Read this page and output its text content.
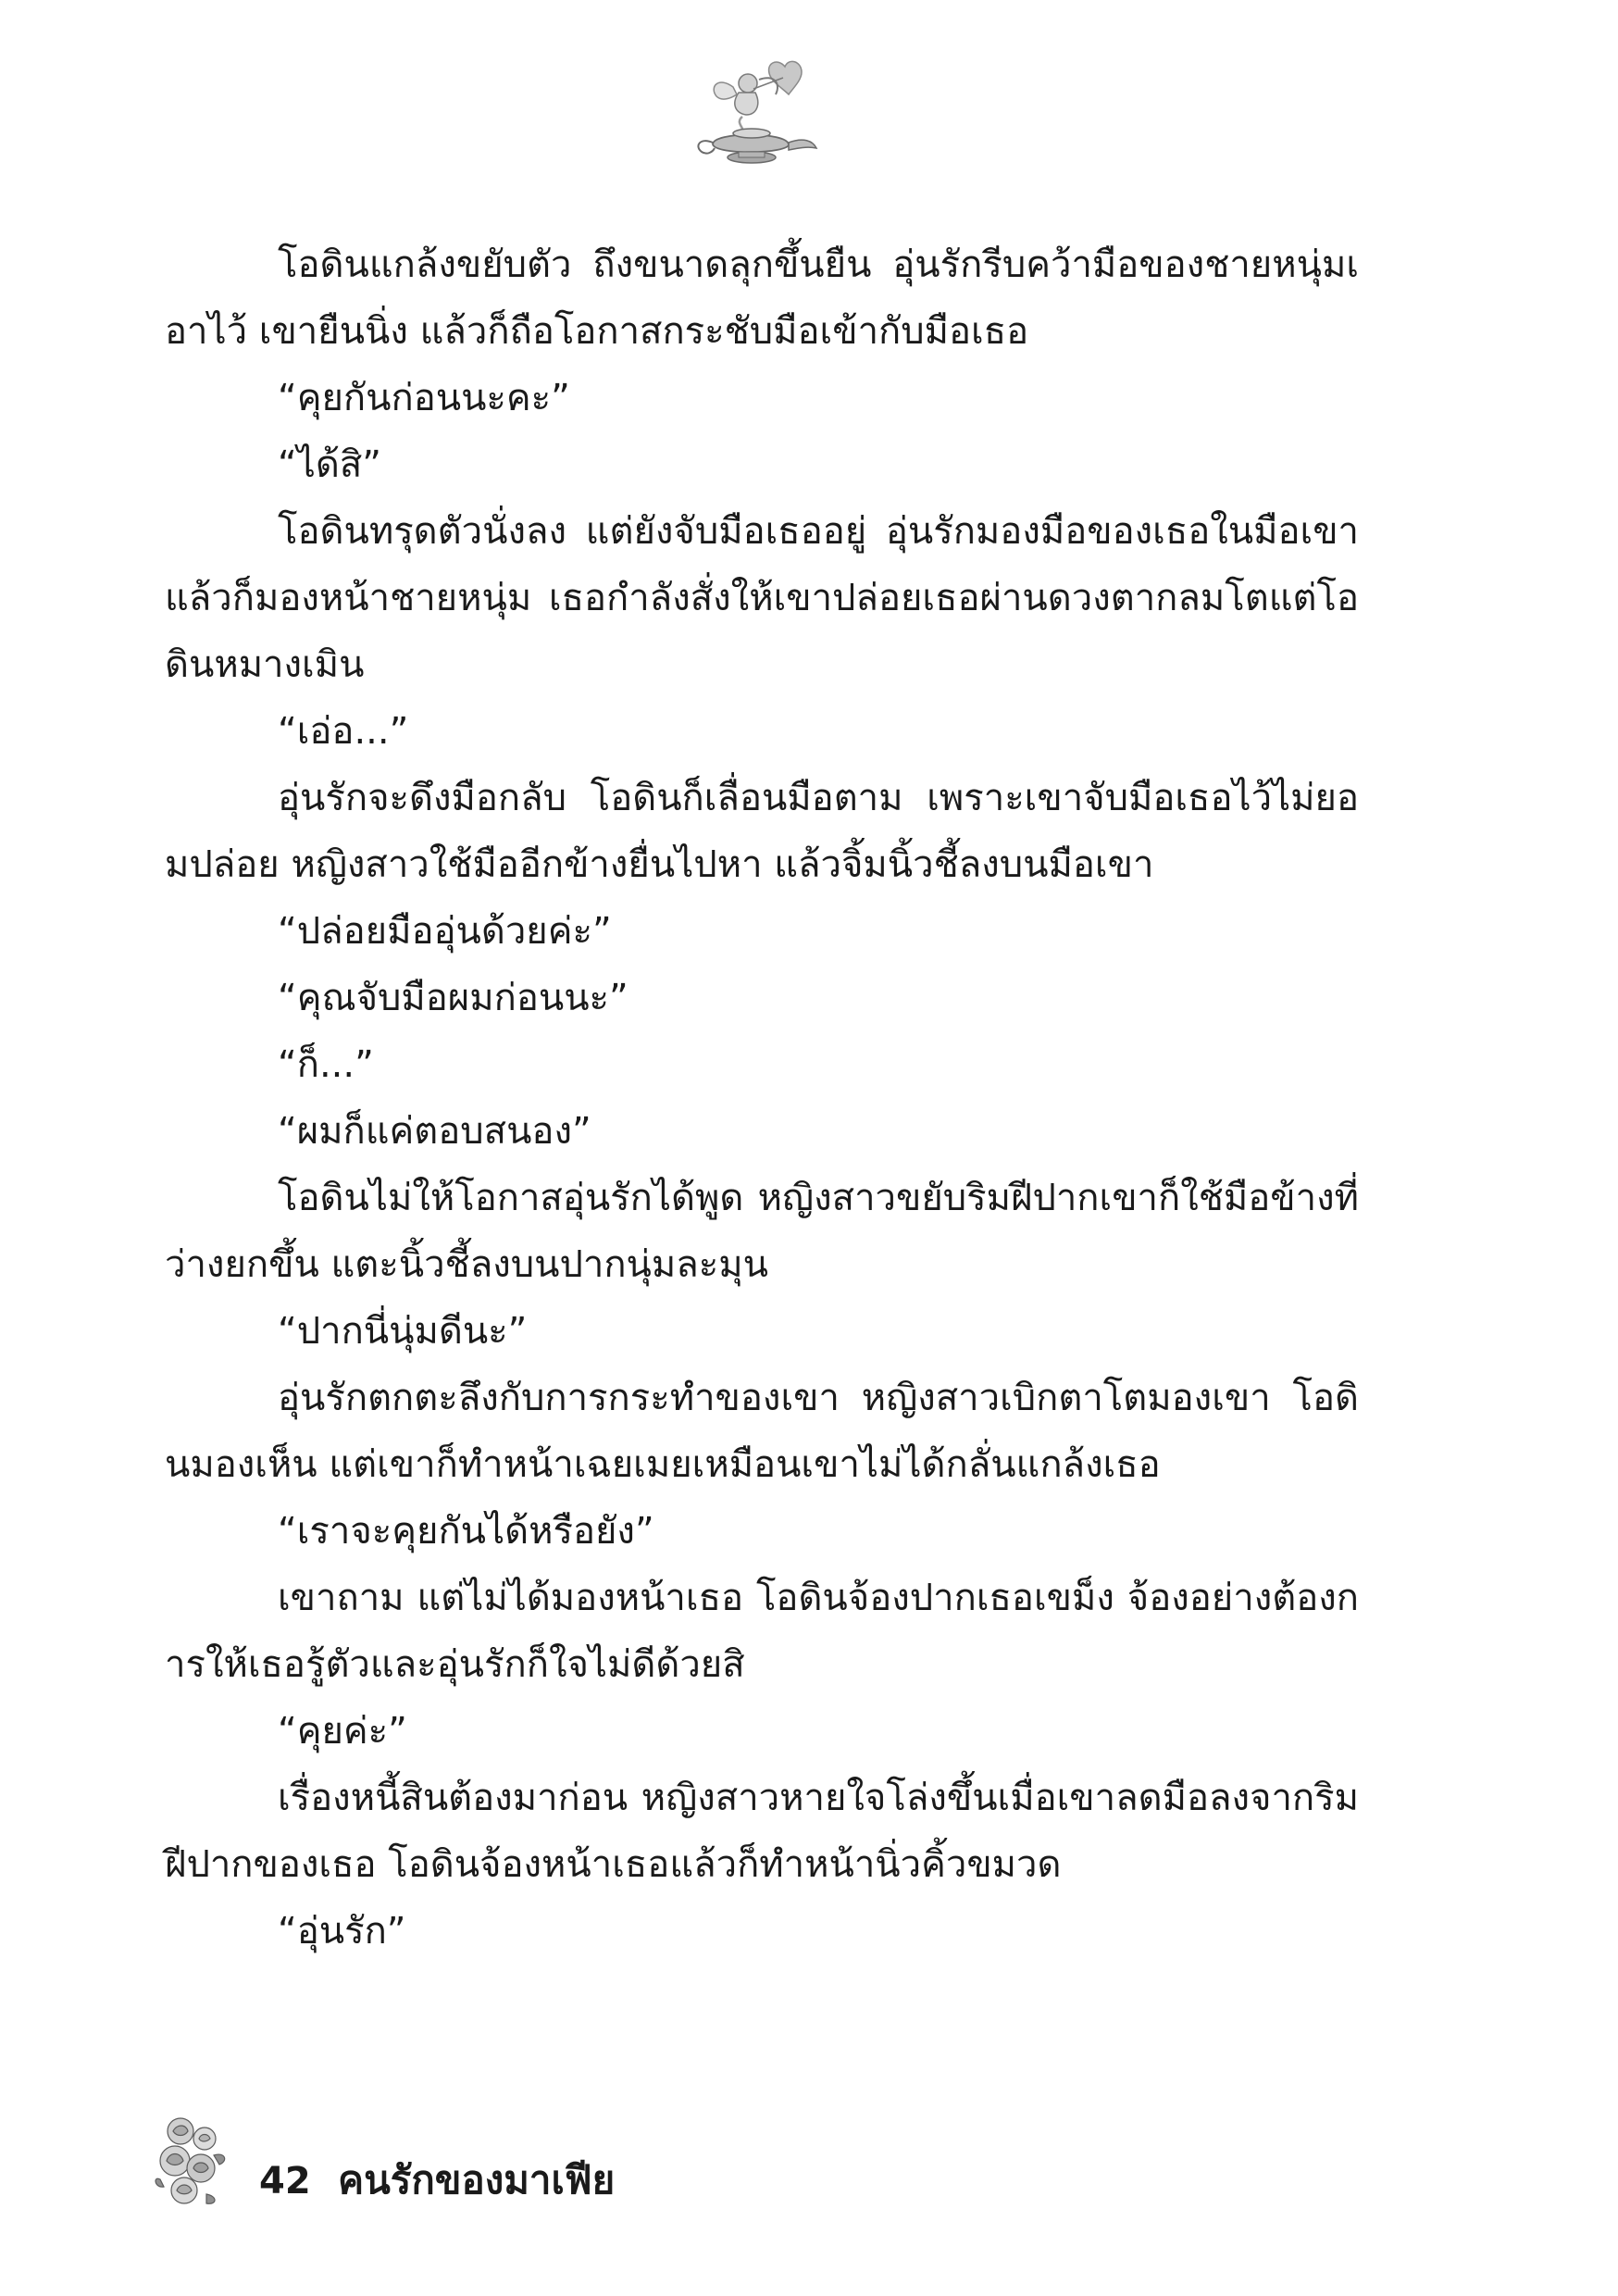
โอดินแกล้งขยับตัว ถึงขนาดลุกขึ้นยืน อุ่นรักรีบคว้ามือของชายหนุ่มเอาไว้ เขายืนนิ่ง แล้วก็ถือโอกาสกระชับมือเข้ากับมือเธอ

“คุยกันก่อนนะคะ”

“ได้สิ”

โอดินทรุดตัวนั่งลง แต่ยังจับมือเธออยู่ อุ่นรักมองมือของเธอในมือเขา แล้วก็มองหน้าชายหนุ่ม เธอกำลังสั่งให้เขาปล่อยเธอผ่านดวงตากลมโตแต่โอดินหมางเมิน

“เอ่อ...”

อุ่นรักจะดึงมือกลับ โอดินก็เลื่อนมือตาม เพราะเขาจับมือเธอไว้ไม่ยอมปล่อย หญิงสาวใช้มืออีกข้างยื่นไปหา แล้วจิ้มนิ้วชี้ลงบนมือเขา

“ปล่อยมืออุ่นด้วยค่ะ”

“คุณจับมือผมก่อนนะ”

“ก็...”

“ผมก็แค่ตอบสนอง”

โอดินไม่ให้โอกาสอุ่นรักได้พูด หญิงสาวขยับริมฝีปากเขาก็ใช้มือข้างที่ว่างยกขึ้น แตะนิ้วชี้ลงบนปากนุ่มละมุน

“ปากนี่นุ่มดีนะ”

อุ่นรักตกตะลึงกับการกระทำของเขา หญิงสาวเบิกตาโตมองเขา โอดินมองเห็น แต่เขาก็ทำหน้าเฉยเมยเหมือนเขาไม่ได้กลั่นแกล้งเธอ

“เราจะคุยกันได้หรือยัง”

เขาถาม แต่ไม่ได้มองหน้าเธอ โอดินจ้องปากเธอเขม็ง จ้องอย่างต้องการให้เธอรู้ตัวและอุ่นรักก็ใจไม่ดีด้วยสิ

“คุยค่ะ”

เรื่องหนี้สินต้องมาก่อน หญิงสาวหายใจโล่งขึ้นเมื่อเขาลดมือลงจากริมฝีปากของเธอ โอดินจ้องหน้าเธอแล้วก็ทำหน้านิ่วคิ้วขมวด

“อุ่นรัก”

42 คนรักของมาเฟีย
